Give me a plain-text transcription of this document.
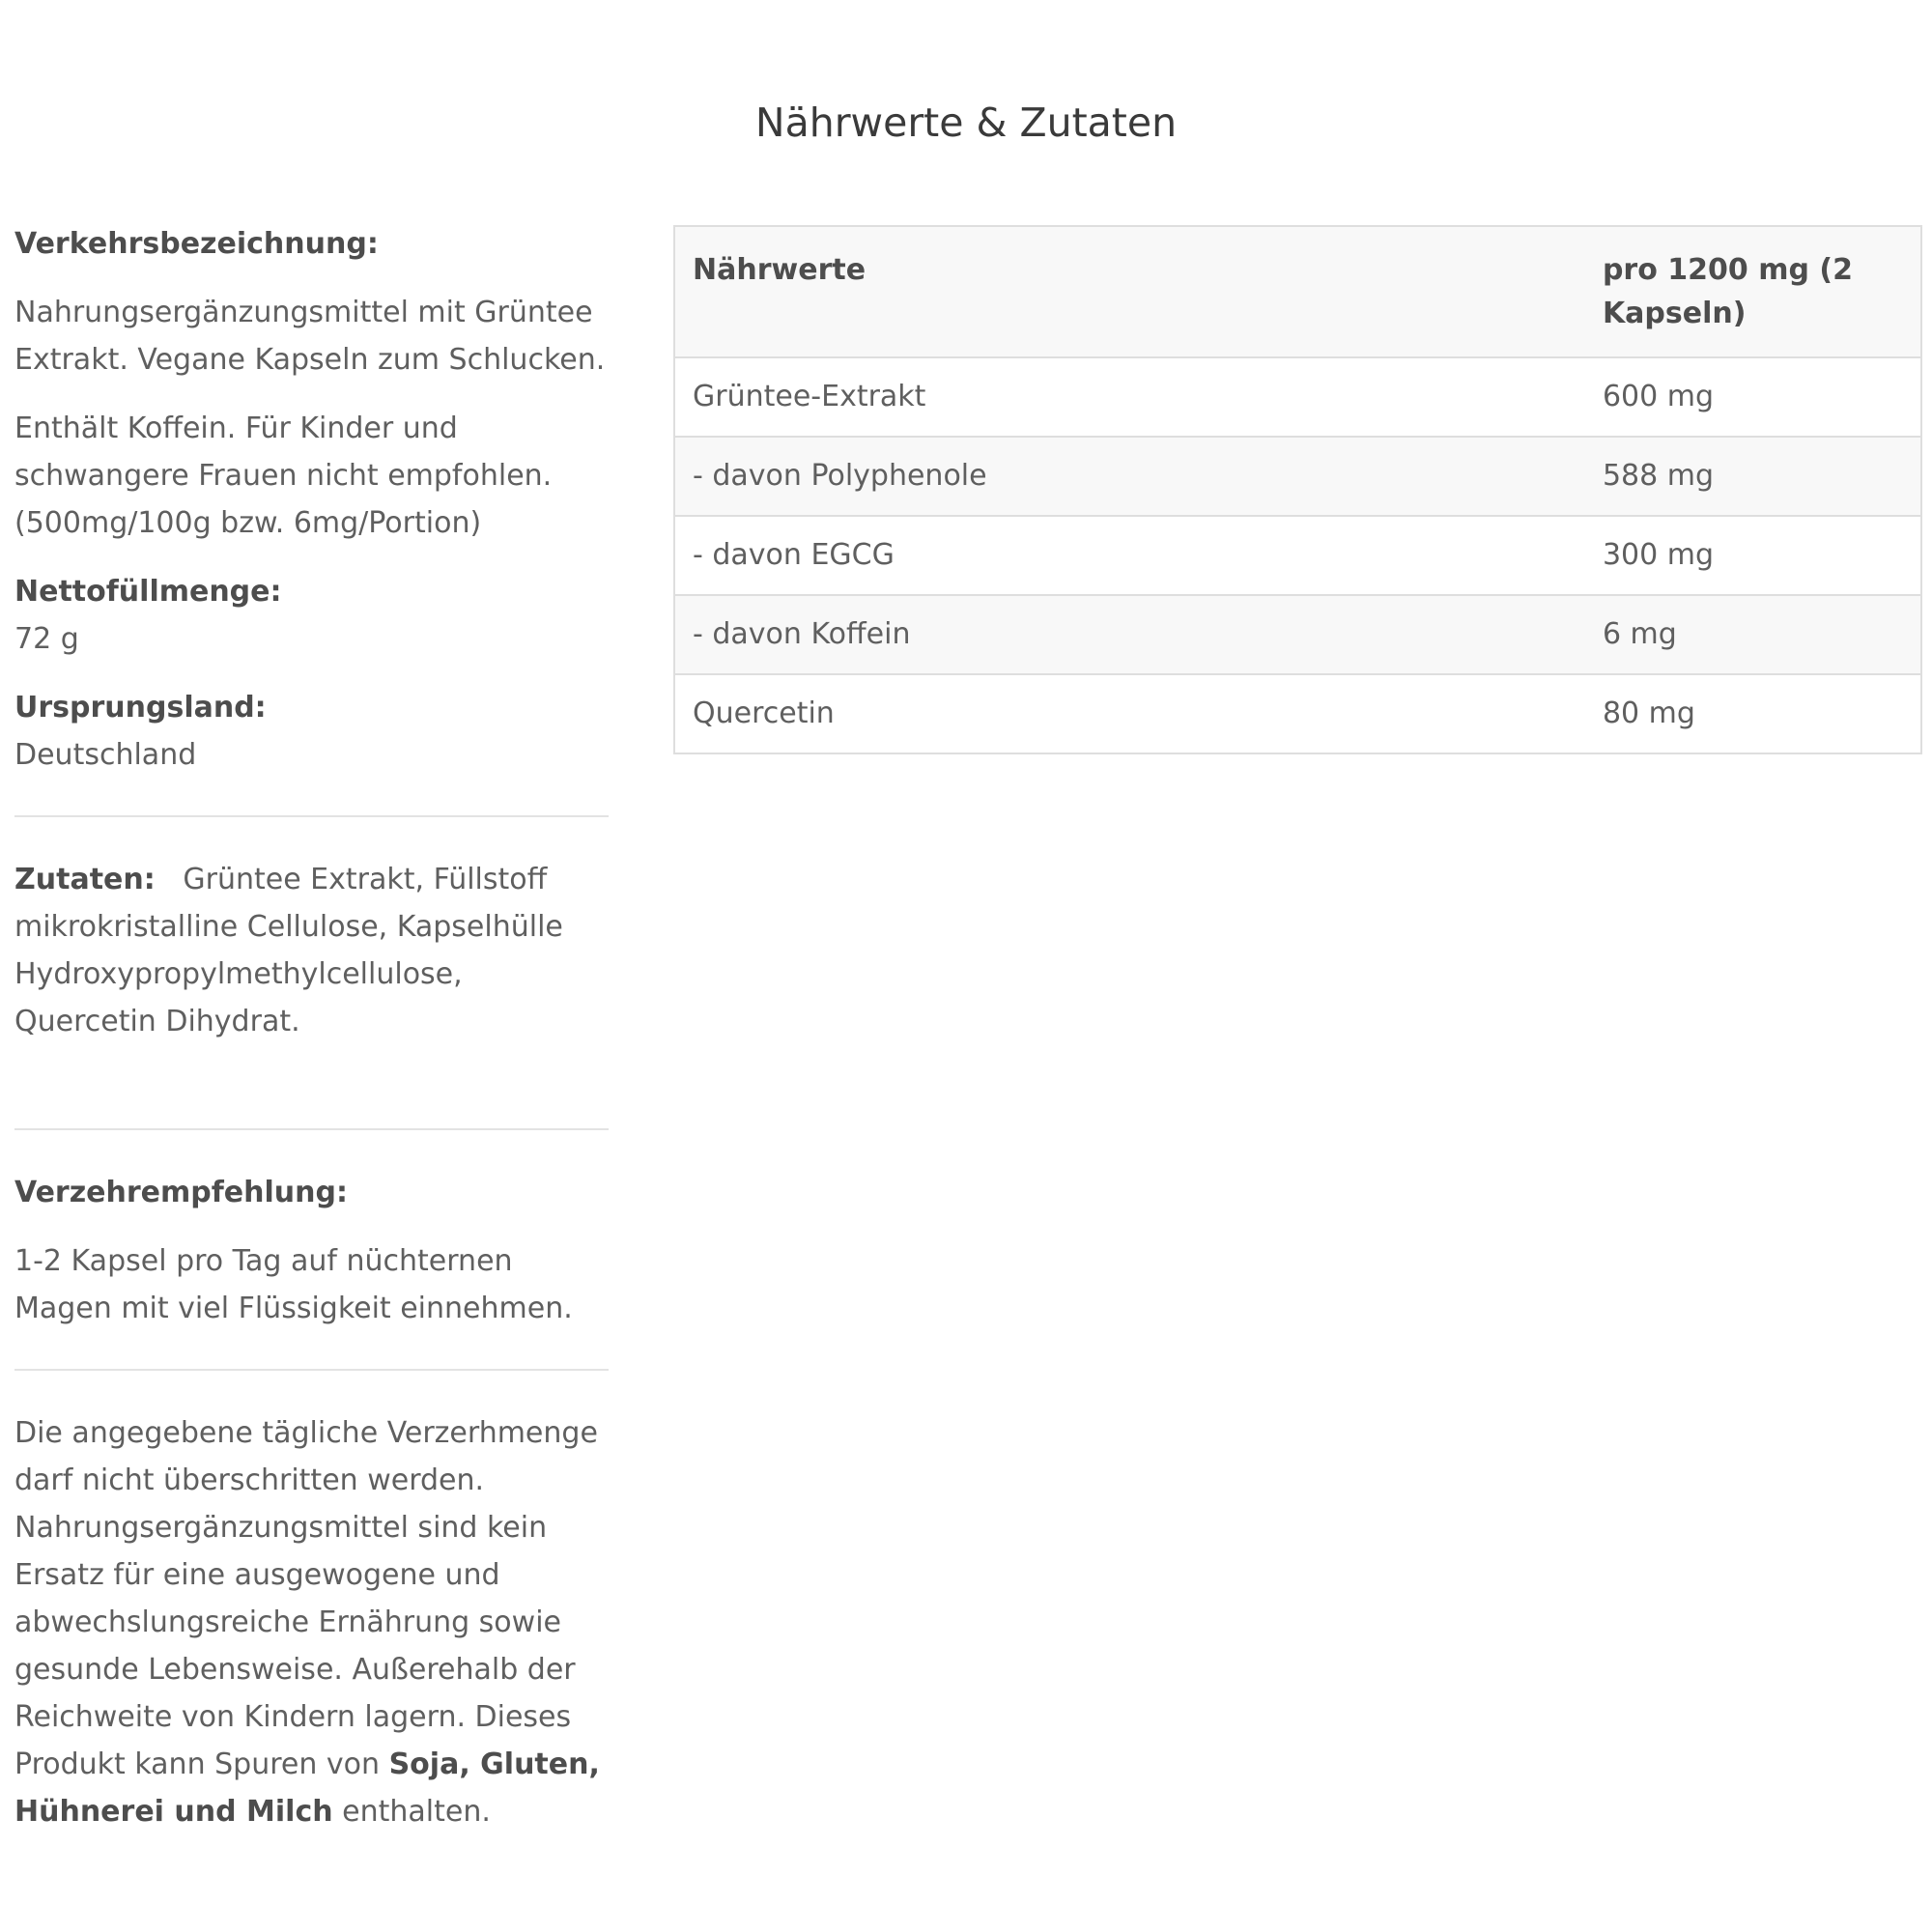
Nährwerte & Zutaten

Verkehrsbezeichnung:

Nahrungsergänzungsmittel mit Grüntee Extrakt. Vegane Kapseln zum Schlucken.

Enthält Koffein. Für Kinder und schwangere Frauen nicht empfohlen. (500mg/100g bzw. 6mg/Portion)

Nettofüllmenge:

72 g

Ursprungsland:

Deutschland

Zutaten: Grüntee Extrakt, Füllstoff mikrokristalline Cellulose, Kapselhülle Hydroxypropylmethylcellulose, Quercetin Dihydrat.

Verzehrempfehlung:

1-2 Kapsel pro Tag auf nüchternen Magen mit viel Flüssigkeit einnehmen.

Die angegebene tägliche Verzerhmenge darf nicht überschritten werden. Nahrungsergänzungsmittel sind kein Ersatz für eine ausgewogene und abwechslungsreiche Ernährung sowie gesunde Lebensweise. Außerehalb der Reichweite von Kindern lagern. Dieses Produkt kann Spuren von Soja, Gluten, Hühnerei und Milch enthalten.

Nährwerte	pro 1200 mg (2 Kapseln)
Grüntee-Extrakt	600 mg
- davon Polyphenole	588 mg
- davon EGCG	300 mg
- davon Koffein	6 mg
Quercetin	80 mg
